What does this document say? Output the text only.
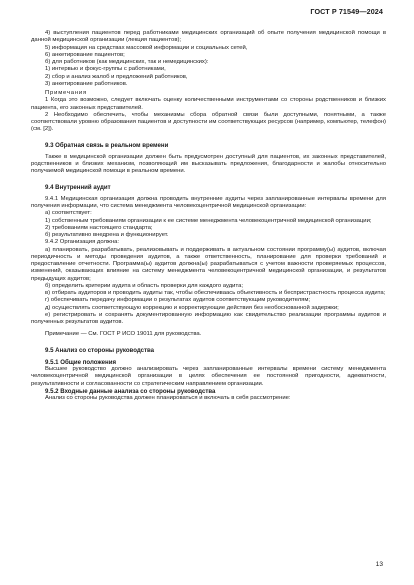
ГОСТ Р 71549—2024

4) выступления пациентов перед работниками медицинских организаций об опыте получения медицинской помощи в данной медицинской организации (лекция пациентов);

5) информация на средствах массовой информации и социальных сетей,

6) анкетирование пациентов;

б) для работников (как медицинских, так и немедицинских):

1) интервью и фокус-группы с работниками,

2) сбор и анализ жалоб и предложений работников,

3) анкетирование работников.

Примечания

1 Когда это возможно, следует включать оценку количественными инструментами со стороны родственников и близких пациента, его законных представителей.

2 Необходимо обеспечить, чтобы механизмы сбора обратной связи были доступными, понятными, а также соответствовали уровню образования пациентов и доступности им соответствующих ресурсов (например, компьютер, телефон) (см. [2]).

9.3 Обратная связь в реальном времени

Также в медицинской организации должен быть предусмотрен доступный для пациентов, их законных представителей, родственников и близких механизм, позволяющий им высказывать предложения, благодарности и жалобы относительно получаемой медицинской помощи в реальном времени.

9.4 Внутренний аудит

9.4.1 Медицинская организация должна проводить внутренние аудиты через запланированные интервалы времени для получения информации, что система менеджмента человекоцентричной медицинской организации:

а) соответствует:

1) собственным требованиям организации к ее системе менеджмента человекоцентричной медицинской организации;

2) требованиям настоящего стандарта;

б) результативно внедрена и функционирует.

9.4.2 Организация должна:

а) планировать, разрабатывать, реализовывать и поддерживать в актуальном состоянии программу(ы) аудитов, включая периодичность и методы проведения аудитов, а также ответственность, планирование для проверки требований и предоставление отчетности. Программа(ы) аудитов должна(ы) разрабатываться с учетом важности проверяемых процессов, изменений, оказывающих влияние на систему менеджмента человекоцентричной медицинской организации, и результатов предыдущих аудитов;

б) определить критерии аудита и область проверки для каждого аудита;

в) отбирать аудиторов и проводить аудиты так, чтобы обеспечиваась объективность и беспристрастность процесса аудита;

г) обеспечивать передачу информации о результатах аудитов соответствующим руководителям;

д) осуществлять соответствующую коррекцию и корректирующие действия без необоснованной задержки;

е) регистрировать и сохранять документированную информацию как свидетельство реализации программы аудитов и полученных результатов аудитов.

Примечание — См. ГОСТ Р ИСО 19011 для руководства.

9.5 Анализ со стороны руководства

9.5.1 Общие положения

Высшее руководство должно анализировать через запланированные интервалы времени систему менеджмента человекоцентричной медицинской организации в целях обеспечения ее постоянной пригодности, адекватности, результативности и согласованности со стратегическим направлением организации.

9.5.2 Входные данные анализа со стороны руководства

Анализ со стороны руководства должен планироваться и включать в себя рассмотрение:

13
